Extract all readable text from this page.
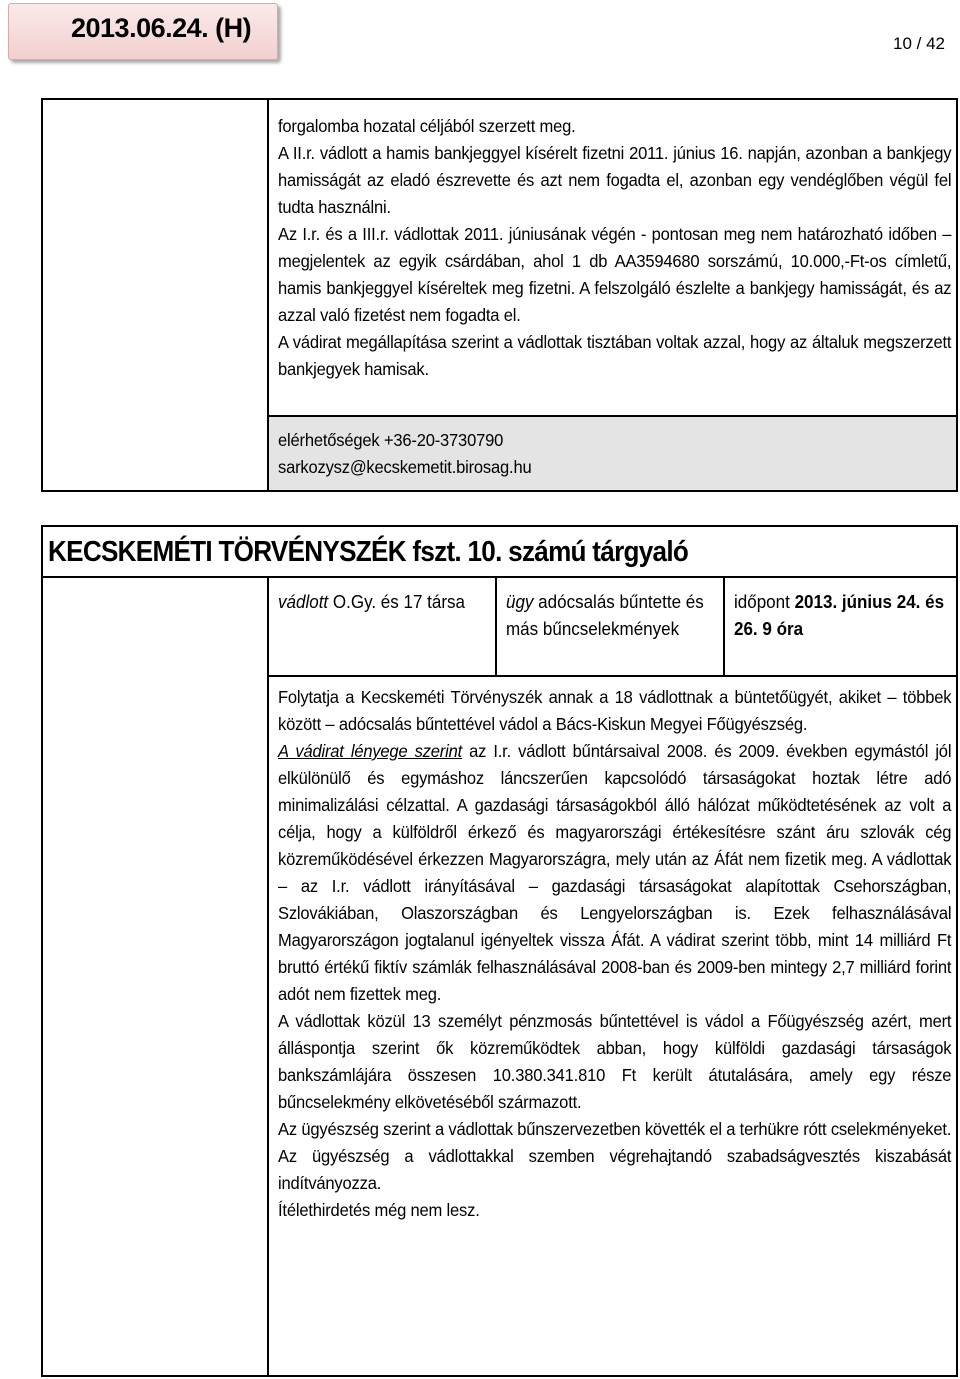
2013.06.24. (H)
10 / 42

forgalomba hozatal céljából szerzett meg.

A II.r. vádlott a hamis bankjeggyel kísérelt fizetni 2011. június 16. napján, azonban a bankjegy hamisságát az eladó észrevette és azt nem fogadta el, azonban egy vendéglőben végül fel tudta használni.

Az I.r. és a III.r. vádlottak 2011. júniusának végén - pontosan meg nem határozható időben – megjelentek az egyik csárdában, ahol 1 db AA3594680 sorszámú, 10.000,-Ft-os címletű, hamis bankjeggyel kíséreltek meg fizetni. A felszolgáló észlelte a bankjegy hamisságát, és az azzal való fizetést nem fogadta el.

A vádirat megállapítása szerint a vádlottak tisztában voltak azzal, hogy az általuk megszerzett bankjegyek hamisak.

elérhetőségek +36-20-3730790

sarkozysz@kecskemetit.birosag.hu

KECSKEMÉTI TÖRVÉNYSZÉK fszt. 10. számú tárgyaló
vádlott O.Gy. és 17 társa	ügy adócsalás bűntette és más bűncselekmények
időpont 2013. június 24. és 26. 9 óra

Folytatja a Kecskeméti Törvényszék annak a 18 vádlottnak a büntetőügyét, akiket – többek között – adócsalás bűntettével vádol a Bács-Kiskun Megyei Főügyészség.

A vádirat lényege szerint az I.r. vádlott bűntársaival 2008. és 2009. években egymástól jól elkülönülő és egymáshoz láncszerűen kapcsolódó társaságokat hoztak létre adó minimalizálási célzattal. A gazdasági társaságokból álló hálózat működtetésének az volt a célja, hogy a külföldről érkező és magyarországi értékesítésre szánt áru szlovák cég közreműködésével érkezzen Magyarországra, mely után az Áfát nem fizetik meg. A vádlottak – az I.r. vádlott irányításával – gazdasági társaságokat alapítottak Csehországban, Szlovákiában, Olaszországban és Lengyelországban is. Ezek felhasználásával Magyarországon jogtalanul igényeltek vissza Áfát. A vádirat szerint több, mint 14 milliárd Ft bruttó értékű fiktív számlák felhasználásával 2008-ban és 2009-ben mintegy 2,7 milliárd forint adót nem fizettek meg.

A vádlottak közül 13 személyt pénzmosás bűntettével is vádol a Főügyészség azért, mert álláspontja szerint ők közreműködtek abban, hogy külföldi gazdasági társaságok bankszámlájára összesen 10.380.341.810 Ft került átutalására, amely egy része bűncselekmény elkövetéséből származott.

Az ügyészség szerint a vádlottak bűnszervezetben követték el a terhükre rótt cselekményeket.

Az ügyészség a vádlottakkal szemben végrehajtandó szabadságvesztés kiszabását indítványozza.

Ítélethirdetés még nem lesz.
